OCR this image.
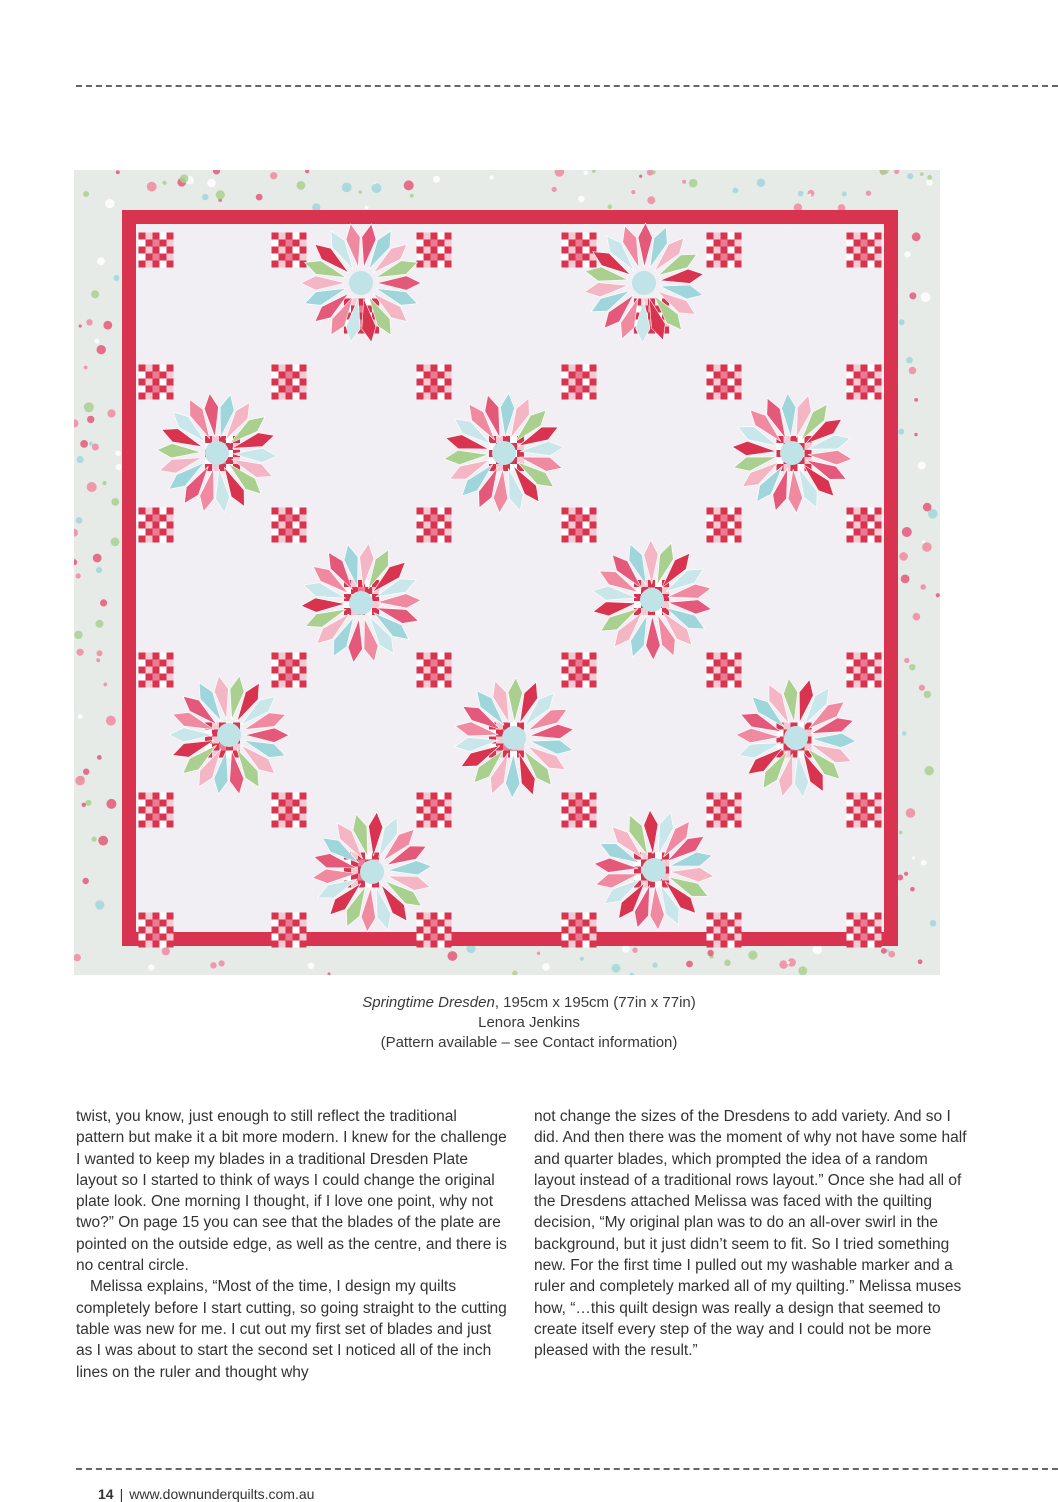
Springtime Dresden, 195cm x 195cm (77in x 77in)
Lenora Jenkins
(Pattern available – see Contact information)

twist, you know, just enough to still reflect the traditional pattern but make it a bit more modern. I knew for the challenge I wanted to keep my blades in a traditional Dresden Plate layout so I started to think of ways I could change the original plate look. One morning I thought, if I love one point, why not two?” On page 15 you can see that the blades of the plate are pointed on the outside edge, as well as the centre, and there is no central circle.

Melissa explains, “Most of the time, I design my quilts completely before I start cutting, so going straight to the cutting table was new for me. I cut out my first set of blades and just as I was about to start the second set I noticed all of the inch lines on the ruler and thought why

not change the sizes of the Dresdens to add variety. And so I did. And then there was the moment of why not have some half and quarter blades, which prompted the idea of a random layout instead of a traditional rows layout.” Once she had all of the Dresdens attached Melissa was faced with the quilting decision, “My original plan was to do an all-over swirl in the background, but it just didn’t seem to fit. So I tried something new. For the first time I pulled out my washable marker and a ruler and completely marked all of my quilting.” Melissa muses how, “…this quilt design was really a design that seemed to create itself every step of the way and I could not be more pleased with the result.”

14 | www.downunderquilts.com.au
